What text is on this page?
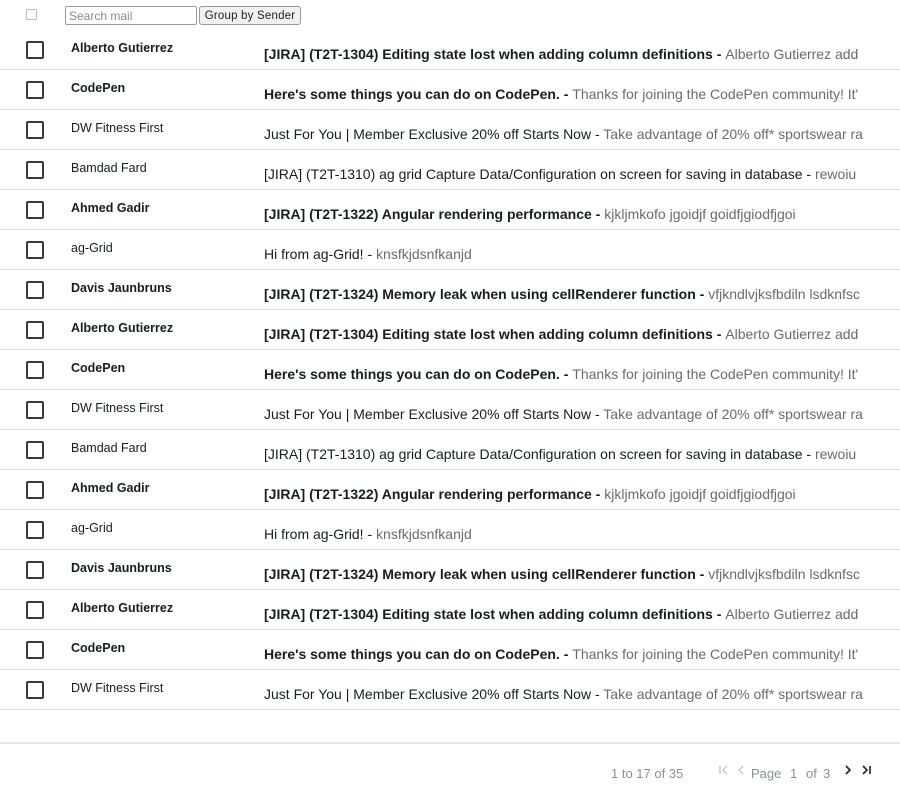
Search mail
Group by Sender
Alberto Gutierrez	[JIRA] (T2T-1304) Editing state lost when adding column definitions - Alberto Gutierrez add
CodePen	Here's some things you can do on CodePen. - Thanks for joining the CodePen community! It'
DW Fitness First	Just For You | Member Exclusive 20% off Starts Now - Take advantage of 20% off* sportswear ra
Bamdad Fard	[JIRA] (T2T-1310) ag grid Capture Data/Configuration on screen for saving in database - rewoiu
Ahmed Gadir	[JIRA] (T2T-1322) Angular rendering performance - kjkljmkofo jgoidjf goidfjgiodfjgoi
ag-Grid	Hi from ag-Grid! - knsfkjdsnfkanjd
Davis Jaunbruns	[JIRA] (T2T-1324) Memory leak when using cellRenderer function - vfjkndlvjksfbdiln lsdknfsc
Alberto Gutierrez	[JIRA] (T2T-1304) Editing state lost when adding column definitions - Alberto Gutierrez add
CodePen	Here's some things you can do on CodePen. - Thanks for joining the CodePen community! It'
DW Fitness First	Just For You | Member Exclusive 20% off Starts Now - Take advantage of 20% off* sportswear ra
Bamdad Fard	[JIRA] (T2T-1310) ag grid Capture Data/Configuration on screen for saving in database - rewoiu
Ahmed Gadir	[JIRA] (T2T-1322) Angular rendering performance - kjkljmkofo jgoidjf goidfjgiodfjgoi
ag-Grid	Hi from ag-Grid! - knsfkjdsnfkanjd
Davis Jaunbruns	[JIRA] (T2T-1324) Memory leak when using cellRenderer function - vfjkndlvjksfbdiln lsdknfsc
Alberto Gutierrez	[JIRA] (T2T-1304) Editing state lost when adding column definitions - Alberto Gutierrez add
CodePen	Here's some things you can do on CodePen. - Thanks for joining the CodePen community! It'
DW Fitness First	Just For You | Member Exclusive 20% off Starts Now - Take advantage of 20% off* sportswear ra
1 to 17 of 35	Page 1 of 3
